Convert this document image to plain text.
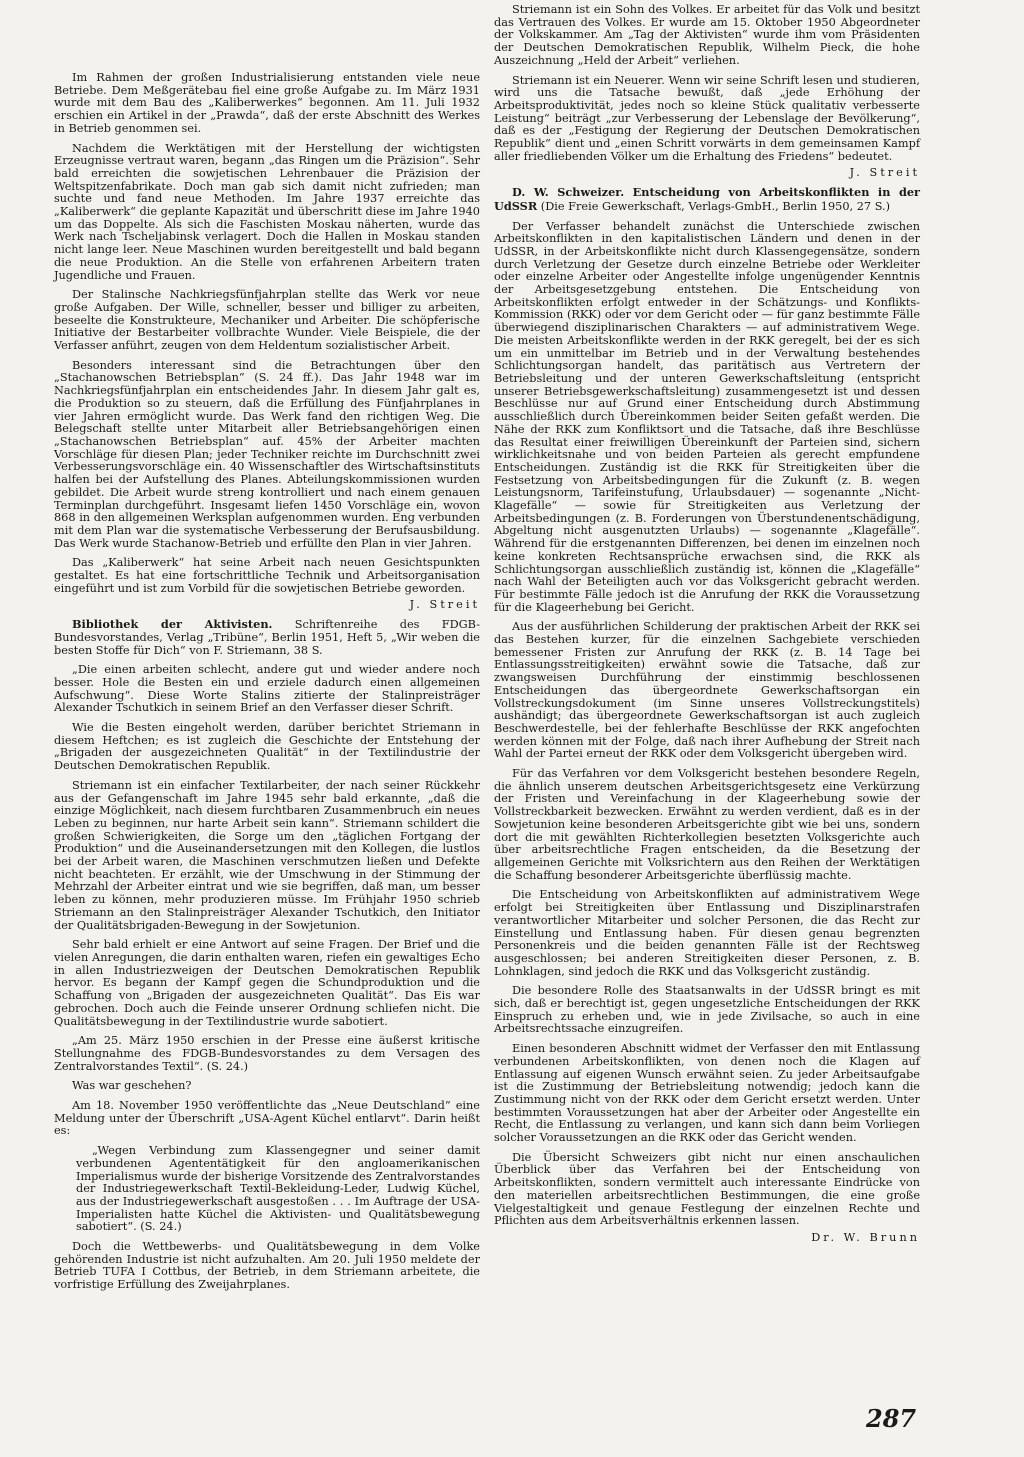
Im Rahmen der großen Industrialisierung entstanden viele neue Betriebe. Dem Meßgerätebau fiel eine große Aufgabe zu. Im März 1931 wurde mit dem Bau des „Kaliberwerkes“ begonnen. Am 11. Juli 1932 erschien ein Artikel in der „Prawda“, daß der erste Abschnitt des Werkes in Betrieb genommen sei.

Nachdem die Werktätigen mit der Herstellung der wichtigsten Erzeugnisse vertraut waren, begann „das Ringen um die Präzision“. Sehr bald erreichten die sowjetischen Lehrenbauer die Präzision der Weltspitzenfabrikate. Doch man gab sich damit nicht zufrieden; man suchte und fand neue Methoden. Im Jahre 1937 erreichte das „Kaliberwerk“ die geplante Kapazität und überschritt diese im Jahre 1940 um das Doppelte. Als sich die Faschisten Moskau näherten, wurde das Werk nach Tscheljabinsk verlagert. Doch die Hallen in Moskau standen nicht lange leer. Neue Maschinen wurden bereitgestellt und bald begann die neue Produktion. An die Stelle von erfahrenen Arbeitern traten Jugendliche und Frauen.

Der Stalinsche Nachkriegsfünfjahrplan stellte das Werk vor neue große Aufgaben. Der Wille, schneller, besser und billiger zu arbeiten, beseelte die Konstrukteure, Mechaniker und Arbeiter. Die schöpferische Initiative der Bestarbeiter vollbrachte Wunder. Viele Beispiele, die der Verfasser anführt, zeugen von dem Heldentum sozialistischer Arbeit.

Besonders interessant sind die Betrachtungen über den „Stachanowschen Betriebsplan“ (S. 24 ff.). Das Jahr 1948 war im Nachkriegsfünfjahrplan ein entscheidendes Jahr. In diesem Jahr galt es, die Produktion so zu steuern, daß die Erfüllung des Fünfjahrplanes in vier Jahren ermöglicht wurde. Das Werk fand den richtigen Weg. Die Belegschaft stellte unter Mitarbeit aller Betriebsangehörigen einen „Stachanowschen Betriebsplan“ auf. 45% der Arbeiter machten Vorschläge für diesen Plan; jeder Techniker reichte im Durchschnitt zwei Verbesserungsvorschläge ein. 40 Wissenschaftler des Wirtschaftsinstituts halfen bei der Aufstellung des Planes. Abteilungskommissionen wurden gebildet. Die Arbeit wurde streng kontrolliert und nach einem genauen Terminplan durchgeführt. Insgesamt liefen 1450 Vorschläge ein, wovon 868 in den allgemeinen Werksplan aufgenommen wurden. Eng verbunden mit dem Plan war die systematische Verbesserung der Berufsausbildung. Das Werk wurde Stachanow-Betrieb und erfüllte den Plan in vier Jahren.

Das „Kaliberwerk“ hat seine Arbeit nach neuen Gesichtspunkten gestaltet. Es hat eine fortschrittliche Technik und Arbeitsorganisation eingeführt und ist zum Vorbild für die sowjetischen Betriebe geworden.

J. Streit

Bibliothek der Aktivisten. Schriftenreihe des FDGB-Bundesvorstandes, Verlag „Tribüne“, Berlin 1951, Heft 5, „Wir weben die besten Stoffe für Dich“ von F. Striemann, 38 S.

„Die einen arbeiten schlecht, andere gut und wieder andere noch besser. Hole die Besten ein und erziele dadurch einen allgemeinen Aufschwung“. Diese Worte Stalins zitierte der Stalinpreisträger Alexander Tschutkich in seinem Brief an den Verfasser dieser Schrift.

Wie die Besten eingeholt werden, darüber berichtet Striemann in diesem Heftchen; es ist zugleich die Geschichte der Entstehung der „Brigaden der ausgezeichneten Qualität“ in der Textilindustrie der Deutschen Demokratischen Republik.

Striemann ist ein einfacher Textilarbeiter, der nach seiner Rückkehr aus der Gefangenschaft im Jahre 1945 sehr bald erkannte, „daß die einzige Möglichkeit, nach diesem furchtbaren Zusammenbruch ein neues Leben zu beginnen, nur harte Arbeit sein kann“. Striemann schildert die großen Schwierigkeiten, die Sorge um den „täglichen Fortgang der Produktion“ und die Auseinandersetzungen mit den Kollegen, die lustlos bei der Arbeit waren, die Maschinen verschmutzen ließen und Defekte nicht beachteten. Er erzählt, wie der Umschwung in der Stimmung der Mehrzahl der Arbeiter eintrat und wie sie begriffen, daß man, um besser leben zu können, mehr produzieren müsse. Im Frühjahr 1950 schrieb Striemann an den Stalinpreisträger Alexander Tschutkich, den Initiator der Qualitätsbrigaden-Bewegung in der Sowjetunion.

Sehr bald erhielt er eine Antwort auf seine Fragen. Der Brief und die vielen Anregungen, die darin enthalten waren, riefen ein gewaltiges Echo in allen Industriezweigen der Deutschen Demokratischen Republik hervor. Es begann der Kampf gegen die Schundproduktion und die Schaffung von „Brigaden der ausgezeichneten Qualität“. Das Eis war gebrochen. Doch auch die Feinde unserer Ordnung schliefen nicht. Die Qualitätsbewegung in der Textilindustrie wurde sabotiert.

„Am 25. März 1950 erschien in der Presse eine äußerst kritische Stellungnahme des FDGB-Bundesvorstandes zu dem Versagen des Zentralvorstandes Textil“. (S. 24.)

Was war geschehen?

Am 18. November 1950 veröffentlichte das „Neue Deutschland“ eine Meldung unter der Überschrift „USA-Agent Küchel entlarvt“. Darin heißt es:

„Wegen Verbindung zum Klassengegner und seiner damit verbundenen Agententätigkeit für den angloamerikanischen Imperialismus wurde der bisherige Vorsitzende des Zentralvorstandes der Industriegewerkschaft Textil-Bekleidung-Leder, Ludwig Küchel, aus der Industriegewerkschaft ausgestoßen . . . Im Auftrage der USA-Imperialisten hatte Küchel die Aktivisten- und Qualitätsbewegung sabotiert“. (S. 24.)

Doch die Wettbewerbs- und Qualitätsbewegung in dem Volke gehörenden Industrie ist nicht aufzuhalten. Am 20. Juli 1950 meldete der Betrieb TUFA I Cottbus, der Betrieb, in dem Striemann arbeitete, die vorfristige Erfüllung des Zweijahrplanes.

Striemann ist ein Sohn des Volkes. Er arbeitet für das Volk und besitzt das Vertrauen des Volkes. Er wurde am 15. Oktober 1950 Abgeordneter der Volkskammer. Am „Tag der Aktivisten“ wurde ihm vom Präsidenten der Deutschen Demokratischen Republik, Wilhelm Pieck, die hohe Auszeichnung „Held der Arbeit“ verliehen.

Striemann ist ein Neuerer. Wenn wir seine Schrift lesen und studieren, wird uns die Tatsache bewußt, daß „jede Erhöhung der Arbeitsproduktivität, jedes noch so kleine Stück qualitativ verbesserte Leistung“ beiträgt „zur Verbesserung der Lebenslage der Bevölkerung“, daß es der „Festigung der Regierung der Deutschen Demokratischen Republik“ dient und „einen Schritt vorwärts in dem gemeinsamen Kampf aller friedliebenden Völker um die Erhaltung des Friedens“ bedeutet.

J. Streit

D. W. Schweizer. Entscheidung von Arbeitskonflikten in der UdSSR (Die Freie Gewerkschaft, Verlags-GmbH., Berlin 1950, 27 S.)

Der Verfasser behandelt zunächst die Unterschiede zwischen Arbeitskonflikten in den kapitalistischen Ländern und denen in der UdSSR, in der Arbeitskonflikte nicht durch Klassengegensätze, sondern durch Verletzung der Gesetze durch einzelne Betriebe oder Werkleiter oder einzelne Arbeiter oder Angestellte infolge ungenügender Kenntnis der Arbeitsgesetzgebung entstehen. Die Entscheidung von Arbeitskonflikten erfolgt entweder in der Schätzungs- und Konflikts-Kommission (RKK) oder vor dem Gericht oder — für ganz bestimmte Fälle überwiegend disziplinarischen Charakters — auf administrativem Wege. Die meisten Arbeitskonflikte werden in der RKK geregelt, bei der es sich um ein unmittelbar im Betrieb und in der Verwaltung bestehendes Schlichtungsorgan handelt, das paritätisch aus Vertretern der Betriebsleitung und der unteren Gewerkschaftsleitung (entspricht unserer Betriebsgewerkschaftsleitung) zusammengesetzt ist und dessen Beschlüsse nur auf Grund einer Entscheidung durch Abstimmung ausschließlich durch Übereinkommen beider Seiten gefaßt werden. Die Nähe der RKK zum Konfliktsort und die Tatsache, daß ihre Beschlüsse das Resultat einer freiwilligen Übereinkunft der Parteien sind, sichern wirklichkeitsnahe und von beiden Parteien als gerecht empfundene Entscheidungen. Zuständig ist die RKK für Streitigkeiten über die Festsetzung von Arbeitsbedingungen für die Zukunft (z. B. wegen Leistungsnorm, Tarifeinstufung, Urlaubsdauer) — sogenannte „Nicht-Klagefälle“ — sowie für Streitigkeiten aus Verletzung der Arbeitsbedingungen (z. B. Forderungen von Überstundenentschädigung, Abgeltung nicht ausgenutzten Urlaubs) — sogenannte „Klagefälle“. Während für die erstgenannten Differenzen, bei denen im einzelnen noch keine konkreten Rechtsansprüche erwachsen sind, die RKK als Schlichtungsorgan ausschließlich zuständig ist, können die „Klagefälle“ nach Wahl der Beteiligten auch vor das Volksgericht gebracht werden. Für bestimmte Fälle jedoch ist die Anrufung der RKK die Voraussetzung für die Klageerhebung bei Gericht.

Aus der ausführlichen Schilderung der praktischen Arbeit der RKK sei das Bestehen kurzer, für die einzelnen Sachgebiete verschieden bemessener Fristen zur Anrufung der RKK (z. B. 14 Tage bei Entlassungsstreitigkeiten) erwähnt sowie die Tatsache, daß zur zwangsweisen Durchführung der einstimmig beschlossenen Entscheidungen das übergeordnete Gewerkschaftsorgan ein Vollstreckungsdokument (im Sinne unseres Vollstreckungstitels) aushändigt; das übergeordnete Gewerkschaftsorgan ist auch zugleich Beschwerdestelle, bei der fehlerhafte Beschlüsse der RKK angefochten werden können mit der Folge, daß nach ihrer Aufhebung der Streit nach Wahl der Partei erneut der RKK oder dem Volksgericht übergeben wird.

Für das Verfahren vor dem Volksgericht bestehen besondere Regeln, die ähnlich unserem deutschen Arbeitsgerichtsgesetz eine Verkürzung der Fristen und Vereinfachung in der Klageerhebung sowie der Vollstreckbarkeit bezwecken. Erwähnt zu werden verdient, daß es in der Sowjetunion keine besonderen Arbeitsgerichte gibt wie bei uns, sondern dort die mit gewählten Richterkollegien besetzten Volksgerichte auch über arbeitsrechtliche Fragen entscheiden, da die Besetzung der allgemeinen Gerichte mit Volksrichtern aus den Reihen der Werktätigen die Schaffung besonderer Arbeitsgerichte überflüssig machte.

Die Entscheidung von Arbeitskonflikten auf administrativem Wege erfolgt bei Streitigkeiten über Entlassung und Disziplinarstrafen verantwortlicher Mitarbeiter und solcher Personen, die das Recht zur Einstellung und Entlassung haben. Für diesen genau begrenzten Personenkreis und die beiden genannten Fälle ist der Rechtsweg ausgeschlossen; bei anderen Streitigkeiten dieser Personen, z. B. Lohnklagen, sind jedoch die RKK und das Volksgericht zuständig.

Die besondere Rolle des Staatsanwalts in der UdSSR bringt es mit sich, daß er berechtigt ist, gegen ungesetzliche Entscheidungen der RKK Einspruch zu erheben und, wie in jede Zivilsache, so auch in eine Arbeitsrechtssache einzugreifen.

Einen besonderen Abschnitt widmet der Verfasser den mit Entlassung verbundenen Arbeitskonflikten, von denen noch die Klagen auf Entlassung auf eigenen Wunsch erwähnt seien. Zu jeder Arbeitsaufgabe ist die Zustimmung der Betriebsleitung notwendig; jedoch kann die Zustimmung nicht von der RKK oder dem Gericht ersetzt werden. Unter bestimmten Voraussetzungen hat aber der Arbeiter oder Angestellte ein Recht, die Entlassung zu verlangen, und kann sich dann beim Vorliegen solcher Voraussetzungen an die RKK oder das Gericht wenden.

Die Übersicht Schweizers gibt nicht nur einen anschaulichen Überblick über das Verfahren bei der Entscheidung von Arbeitskonflikten, sondern vermittelt auch interessante Eindrücke von den materiellen arbeitsrechtlichen Bestimmungen, die eine große Vielgestaltigkeit und genaue Festlegung der einzelnen Rechte und Pflichten aus dem Arbeitsverhältnis erkennen lassen.

Dr. W. Brunn
287
